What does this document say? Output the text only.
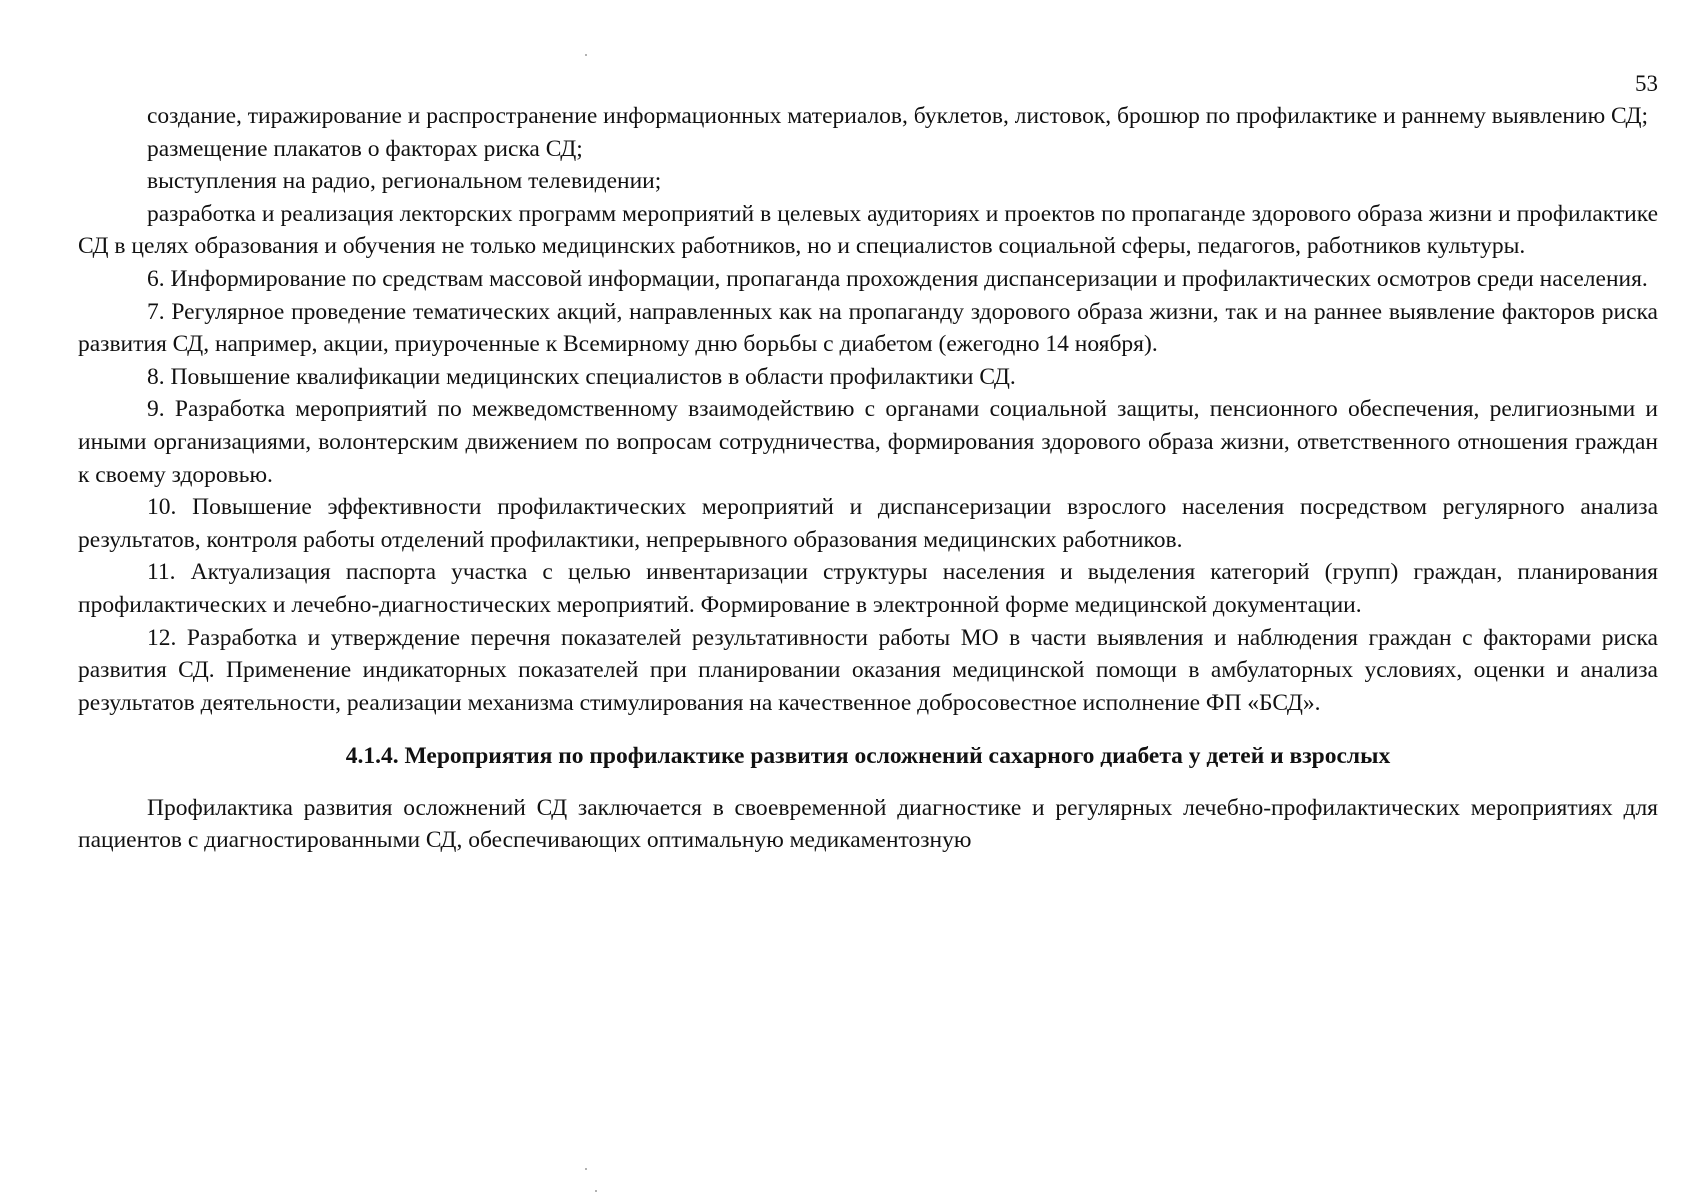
53

создание, тиражирование и распространение информационных материалов, буклетов, листовок, брошюр по профилактике и раннему выявлению СД;

размещение плакатов о факторах риска СД;

выступления на радио, региональном телевидении;

разработка и реализация лекторских программ мероприятий в целевых аудиториях и проектов по пропаганде здорового образа жизни и профилактике СД в целях образования и обучения не только медицинских работников, но и специалистов социальной сферы, педагогов, работников культуры.

6. Информирование по средствам массовой информации, пропаганда прохождения диспансеризации и профилактических осмотров среди населения.

7. Регулярное проведение тематических акций, направленных как на пропаганду здорового образа жизни, так и на раннее выявление факторов риска развития СД, например, акции, приуроченные к Всемирному дню борьбы с диабетом (ежегодно 14 ноября).

8. Повышение квалификации медицинских специалистов в области профилактики СД.

9. Разработка мероприятий по межведомственному взаимодействию с органами социальной защиты, пенсионного обеспечения, религиозными и иными организациями, волонтерским движением по вопросам сотрудничества, формирования здорового образа жизни, ответственного отношения граждан к своему здоровью.

10. Повышение эффективности профилактических мероприятий и диспансеризации взрослого населения посредством регулярного анализа результатов, контроля работы отделений профилактики, непрерывного образования медицинских работников.

11. Актуализация паспорта участка с целью инвентаризации структуры населения и выделения категорий (групп) граждан, планирования профилактических и лечебно-диагностических мероприятий. Формирование в электронной форме медицинской документации.

12. Разработка и утверждение перечня показателей результативности работы МО в части выявления и наблюдения граждан с факторами риска развития СД. Применение индикаторных показателей при планировании оказания медицинской помощи в амбулаторных условиях, оценки и анализа результатов деятельности, реализации механизма стимулирования на качественное добросовестное исполнение ФП «БСД».

4.1.4. Мероприятия по профилактике развития осложнений сахарного диабета у детей и взрослых

Профилактика развития осложнений СД заключается в своевременной диагностике и регулярных лечебно-профилактических мероприятиях для пациентов с диагностированными СД, обеспечивающих оптимальную медикаментозную
